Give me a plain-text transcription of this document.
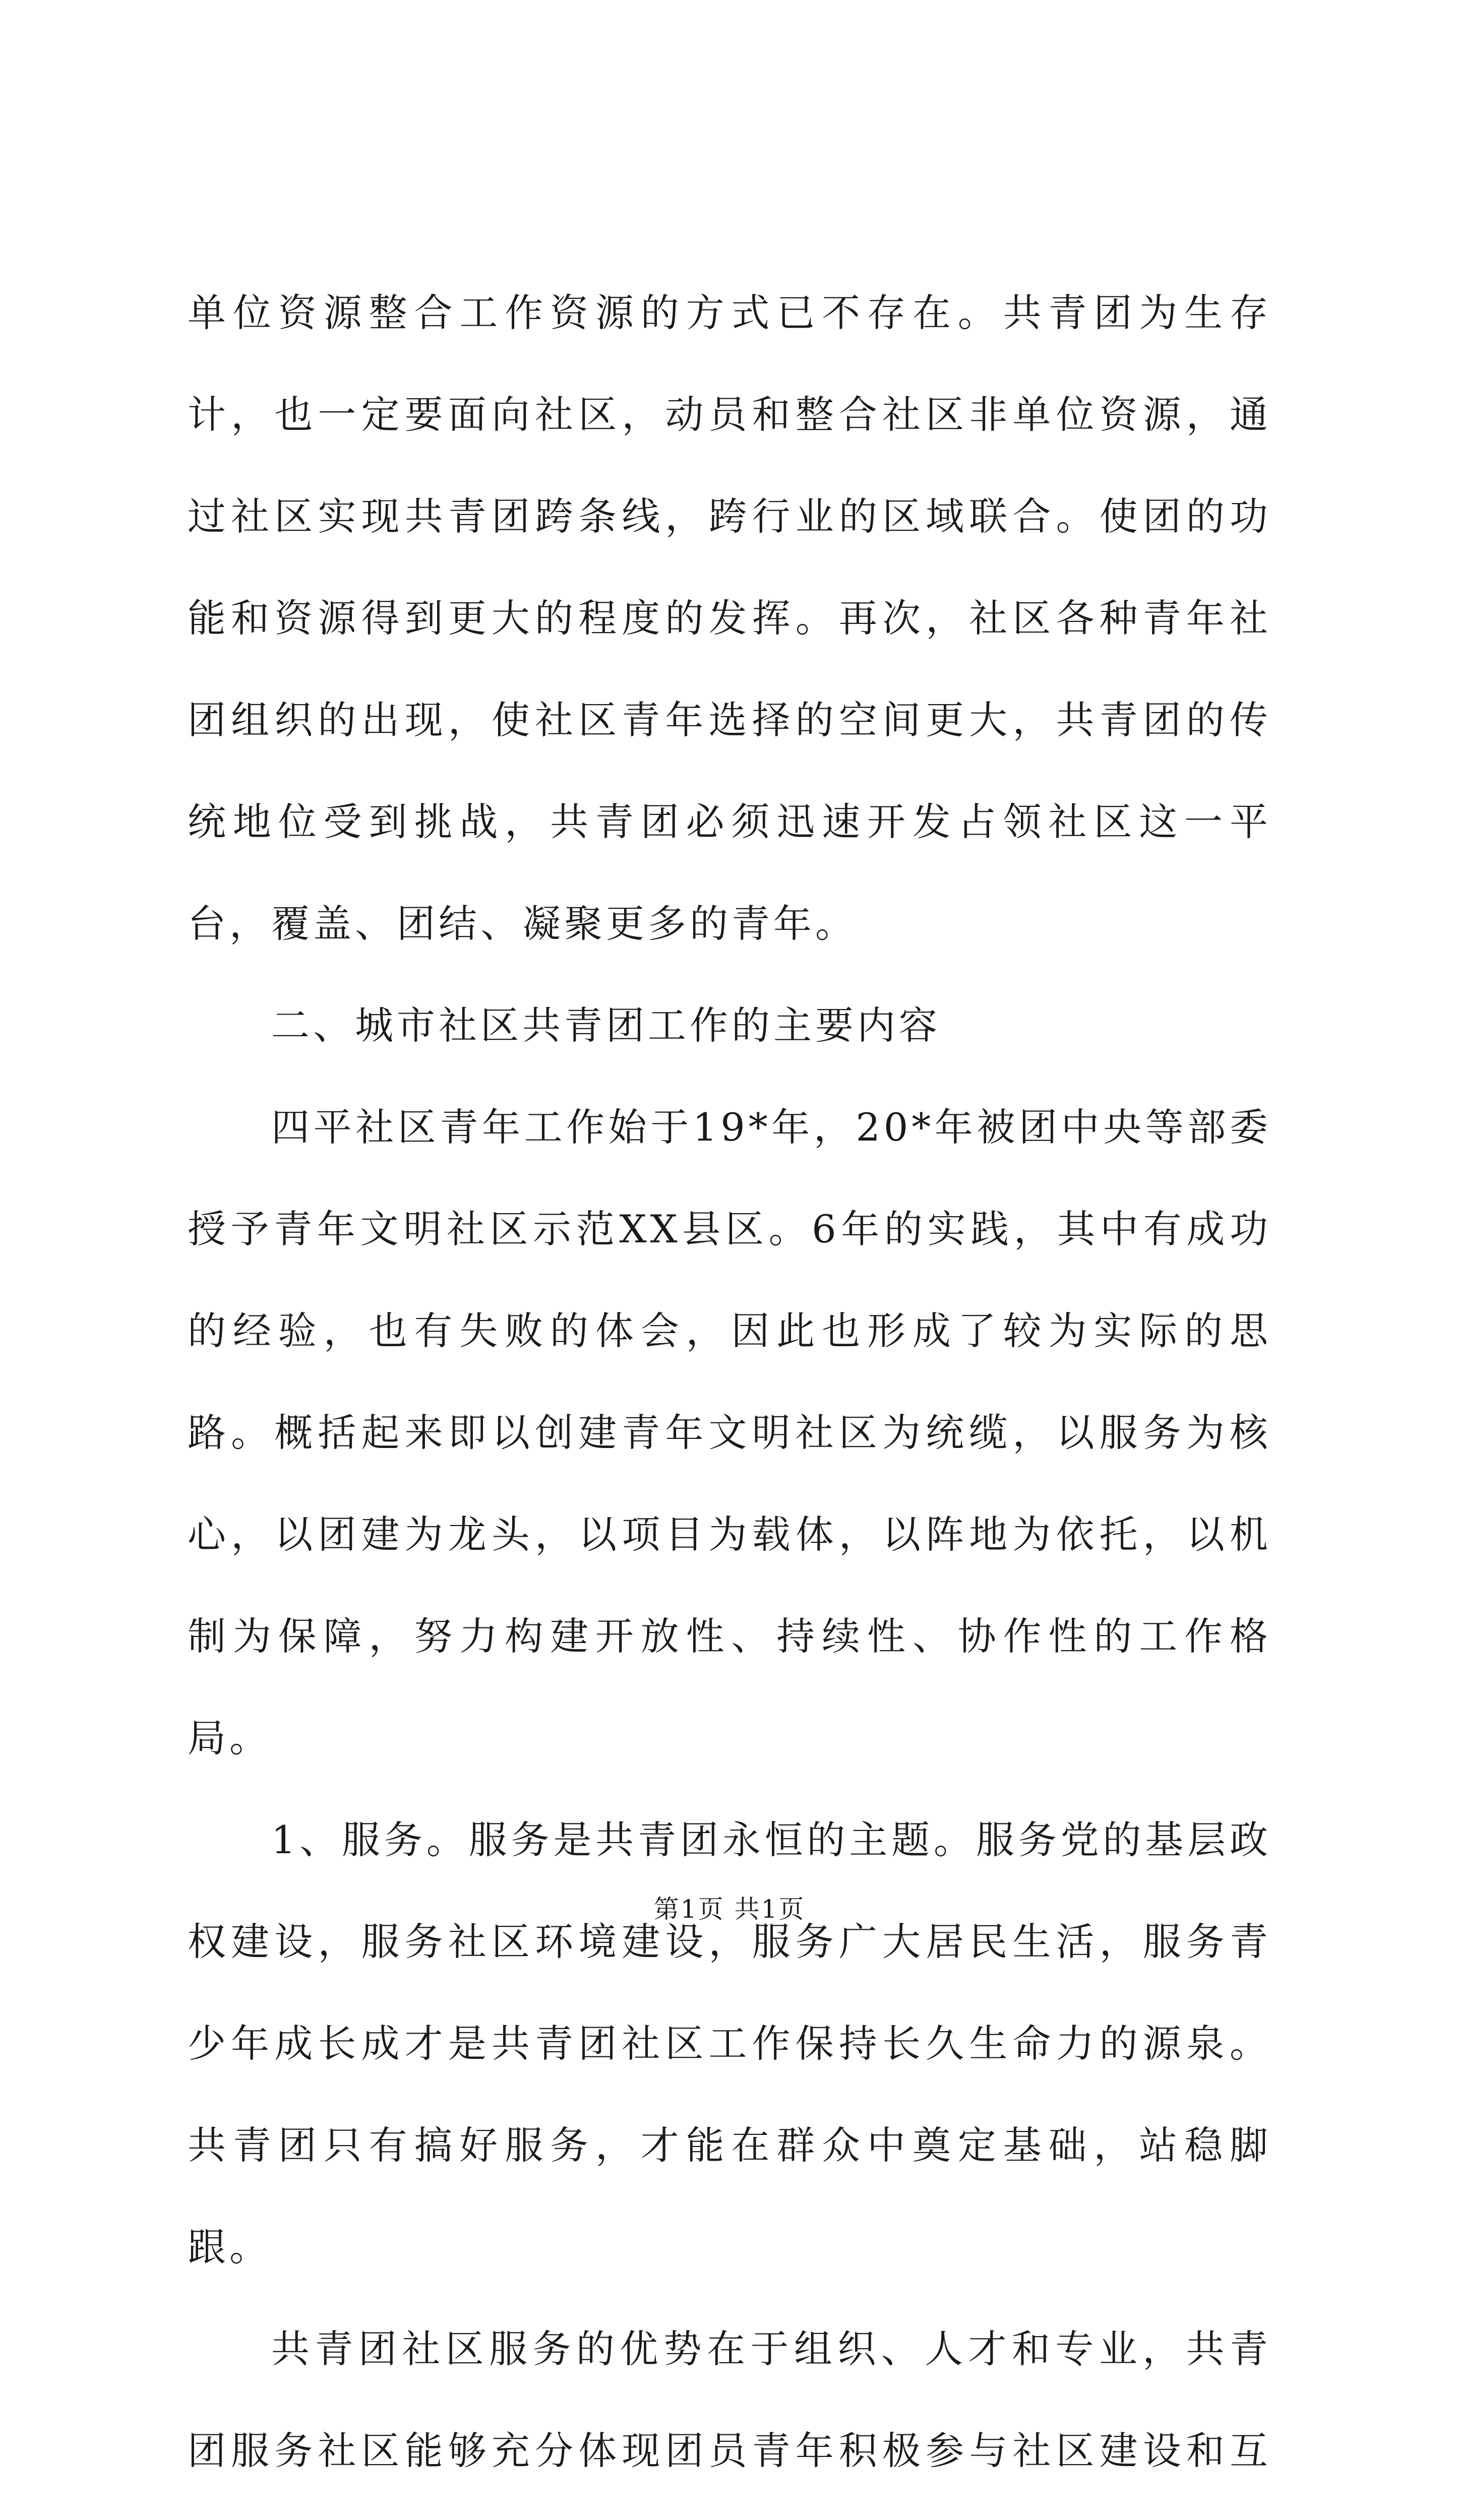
单位资源整合工作资源的方式已不存在。共青团为生存计，也一定要面向社区，动员和整合社区非单位资源，通过社区实现共青团跨条线，跨行业的区域联合。使团的功能和资源得到更大的程度的发挥。再次，社区各种青年社团组织的出现，使社区青年选择的空间更大，共青团的传统地位受到挑战，共青团必须迅速开发占领社区这一平台，覆盖、团结、凝聚更多的青年。

二、城市社区共青团工作的主要内容

四平社区青年工作始于19*年，20*年被团中央等部委授予青年文明社区示范XX县区。6年的实践，其中有成功的经验，也有失败的体会，因此也形成了较为实际的思路。概括起来即以创建青年文明社区为统缆，以服务为核心，以团建为龙头，以项目为载体，以阵地为依托，以机制为保障，努力构建开放性、持续性、协作性的工作格局。

1、服务。服务是共青团永恒的主题。服务党的基层政权建设，服务社区环境建设，服务广大居民生活，服务青少年成长成才是共青团社区工作保持长久生命力的源泉。共青团只有搞好服务，才能在群众中奠定基础，站稳脚跟。

共青团社区服务的优势在于组织、人才和专业，共青团服务社区能够充分体现团员青年积极参与社区建设和互

第1页 共1页
